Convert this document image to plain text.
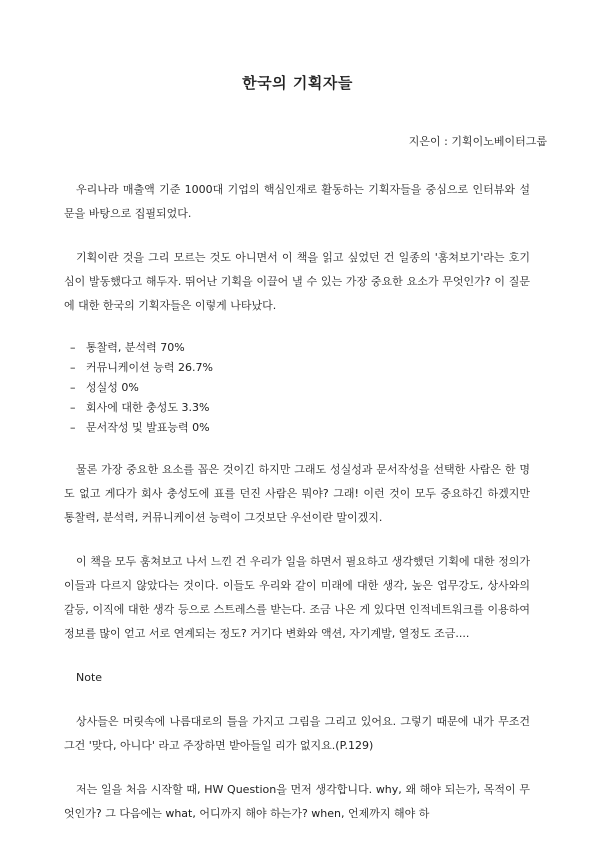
한국의 기획자들

지은이 : 기획이노베이터그룹

우리나라 매출액 기준 1000대 기업의 핵심인재로 활동하는 기획자들을 중심으로 인터뷰와 설문을 바탕으로 집필되었다.

기획이란 것을 그리 모르는 것도 아니면서 이 책을 읽고 싶었던 건 일종의 '훔쳐보기'라는 호기심이 발동했다고 해두자. 뛰어난 기획을 이끌어 낼 수 있는 가장 중요한 요소가 무엇인가? 이 질문에 대한 한국의 기획자들은 이렇게 나타났다.

– 통찰력, 분석력 70%
– 커뮤니케이션 능력 26.7%
– 성실성 0%
– 회사에 대한 충성도 3.3%
– 문서작성 및 발표능력 0%

물론 가장 중요한 요소를 꼽은 것이긴 하지만 그래도 성실성과 문서작성을 선택한 사람은 한 명도 없고 게다가 회사 충성도에 표를 던진 사람은 뭐야? 그래! 이런 것이 모두 중요하긴 하겠지만 통찰력, 분석력, 커뮤니케이션 능력이 그것보단 우선이란 말이겠지.

이 책을 모두 훔쳐보고 나서 느낀 건 우리가 일을 하면서 필요하고 생각했던 기획에 대한 정의가 이들과 다르지 않았다는 것이다. 이들도 우리와 같이 미래에 대한 생각, 높은 업무강도, 상사와의 갈등, 이직에 대한 생각 등으로 스트레스를 받는다. 조금 나은 게 있다면 인적네트워크를 이용하여 정보를 많이 얻고 서로 연계되는 정도? 거기다 변화와 액션, 자기계발, 열정도 조금....

Note

상사들은 머릿속에 나름대로의 틀을 가지고 그림을 그리고 있어요. 그렇기 때문에 내가 무조건 그건 '맞다, 아니다' 라고 주장하면 받아들일 리가 없지요.(P.129)

저는 일을 처음 시작할 때, HW Question을 먼저 생각합니다. why, 왜 해야 되는가, 목적이 무엇인가? 그 다음에는 what, 어디까지 해야 하는가? when, 언제까지 해야 하
